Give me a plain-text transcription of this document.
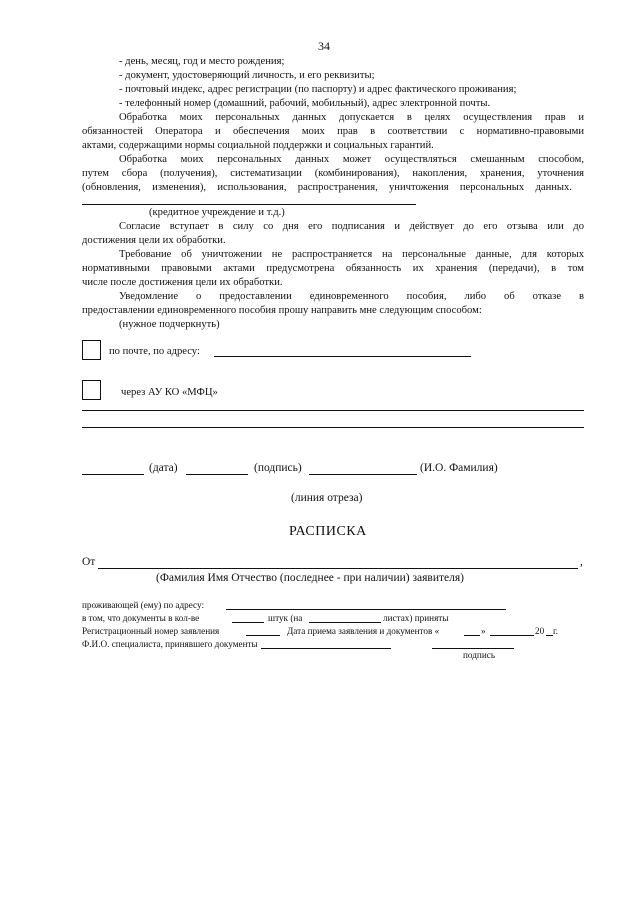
34
- день, месяц, год и место рождения;
- документ, удостоверяющий личность, и его реквизиты;
- почтовый индекс, адрес регистрации (по паспорту) и адрес фактического проживания;
- телефонный номер (домашний, рабочий, мобильный), адрес электронной почты.
Обработка моих персональных данных допускается в целях осуществления прав и
обязанностей Оператора и обеспечения моих прав в соответствии с нормативно-правовыми
актами, содержащими нормы социальной поддержки и социальных гарантий.
Обработка моих персональных данных может осуществляться смешанным способом,
путем сбора (получения), систематизации (комбинирования), накопления, хранения, уточнения
(обновления, изменения), использования, распространения, уничтожения персональных данных.
(кредитное учреждение и т.д.)
Согласие вступает в силу со дня его подписания и действует до его отзыва или до
достижения цели их обработки.
Требование об уничтожении не распространяется на персональные данные, для которых
нормативными правовыми актами предусмотрена обязанность их хранения (передачи), в том
числе после достижения цели их обработки.
Уведомление о предоставлении единовременного пособия, либо об отказе в
предоставлении единовременного пособия прошу направить мне следующим способом:
(нужное подчеркнуть)
по почте, по адресу:
через АУ КО «МФЦ»
(дата)	(подпись)	(И.О. Фамилия)
(линия отреза)
РАСПИСКА
От	,
(Фамилия Имя Отчество (последнее - при наличии) заявителя)
проживающей (ему) по адресу:
в том, что документы в кол-ве	штук (на	листах) приняты
Регистрационный номер заявления	Дата приема заявления и документов «	»	20 г.
Ф.И.О. специалиста, принявшего документы
подпись
